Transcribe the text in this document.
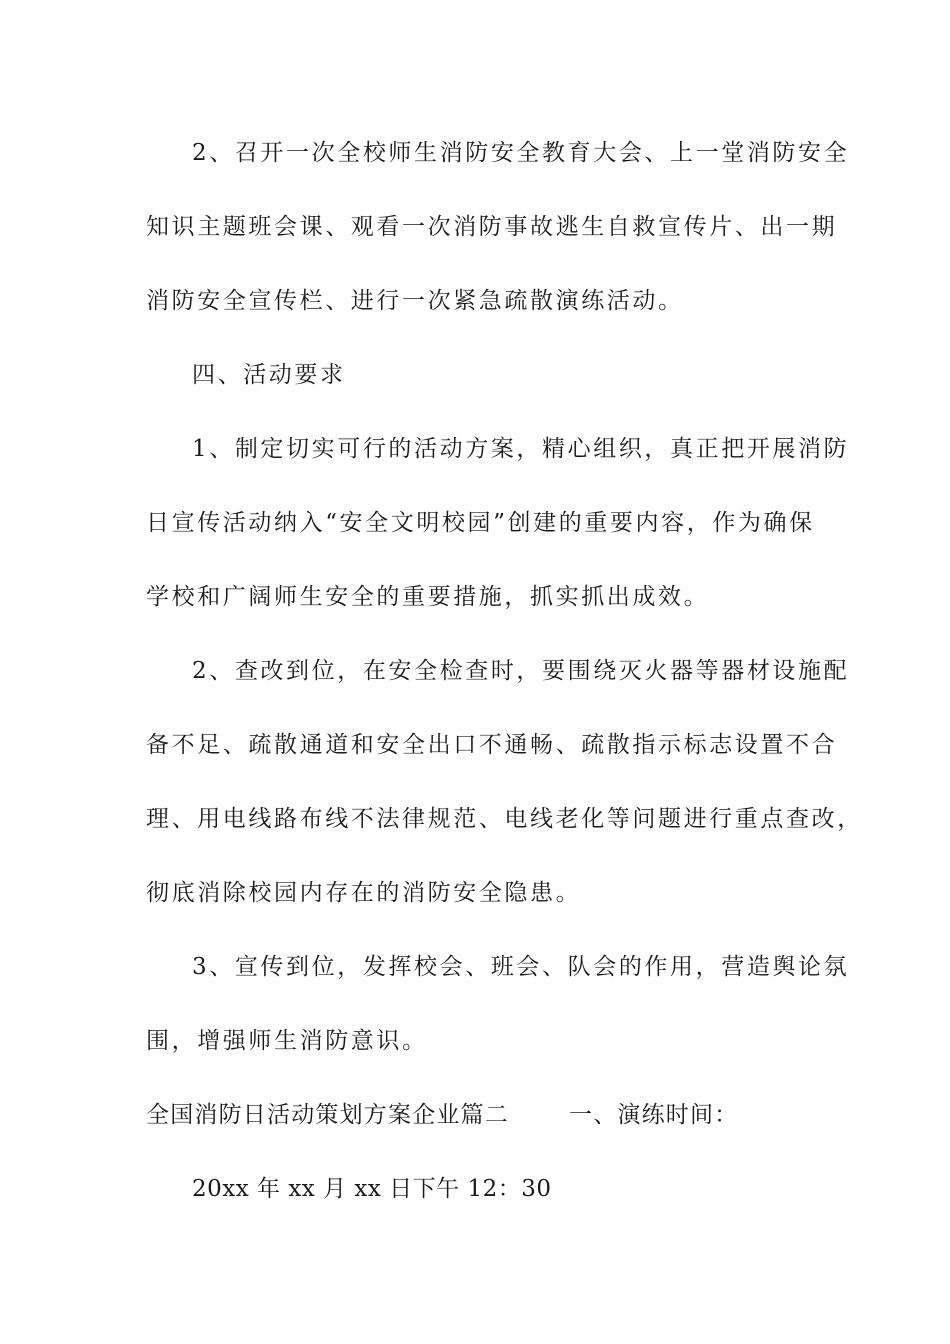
2、召开一次全校师生消防安全教育大会、上一堂消防安全
知识主题班会课、观看一次消防事故逃生自救宣传片、出一期
消防安全宣传栏、进行一次紧急疏散演练活动。
四、活动要求
1、制定切实可行的活动方案，精心组织，真正把开展消防
日宣传活动纳入“安全文明校园”创建的重要内容，作为确保
学校和广阔师生安全的重要措施，抓实抓出成效。
2、查改到位，在安全检查时，要围绕灭火器等器材设施配
备不足、疏散通道和安全出口不通畅、疏散指示标志设置不合
理、用电线路布线不法律规范、电线老化等问题进行重点查改，
彻底消除校园内存在的消防安全隐患。
3、宣传到位，发挥校会、班会、队会的作用，营造舆论氛
围，增强师生消防意识。
全国消防日活动策划方案企业篇二	一、演练时间：
20xx 年 xx 月 xx 日下午 12：30
